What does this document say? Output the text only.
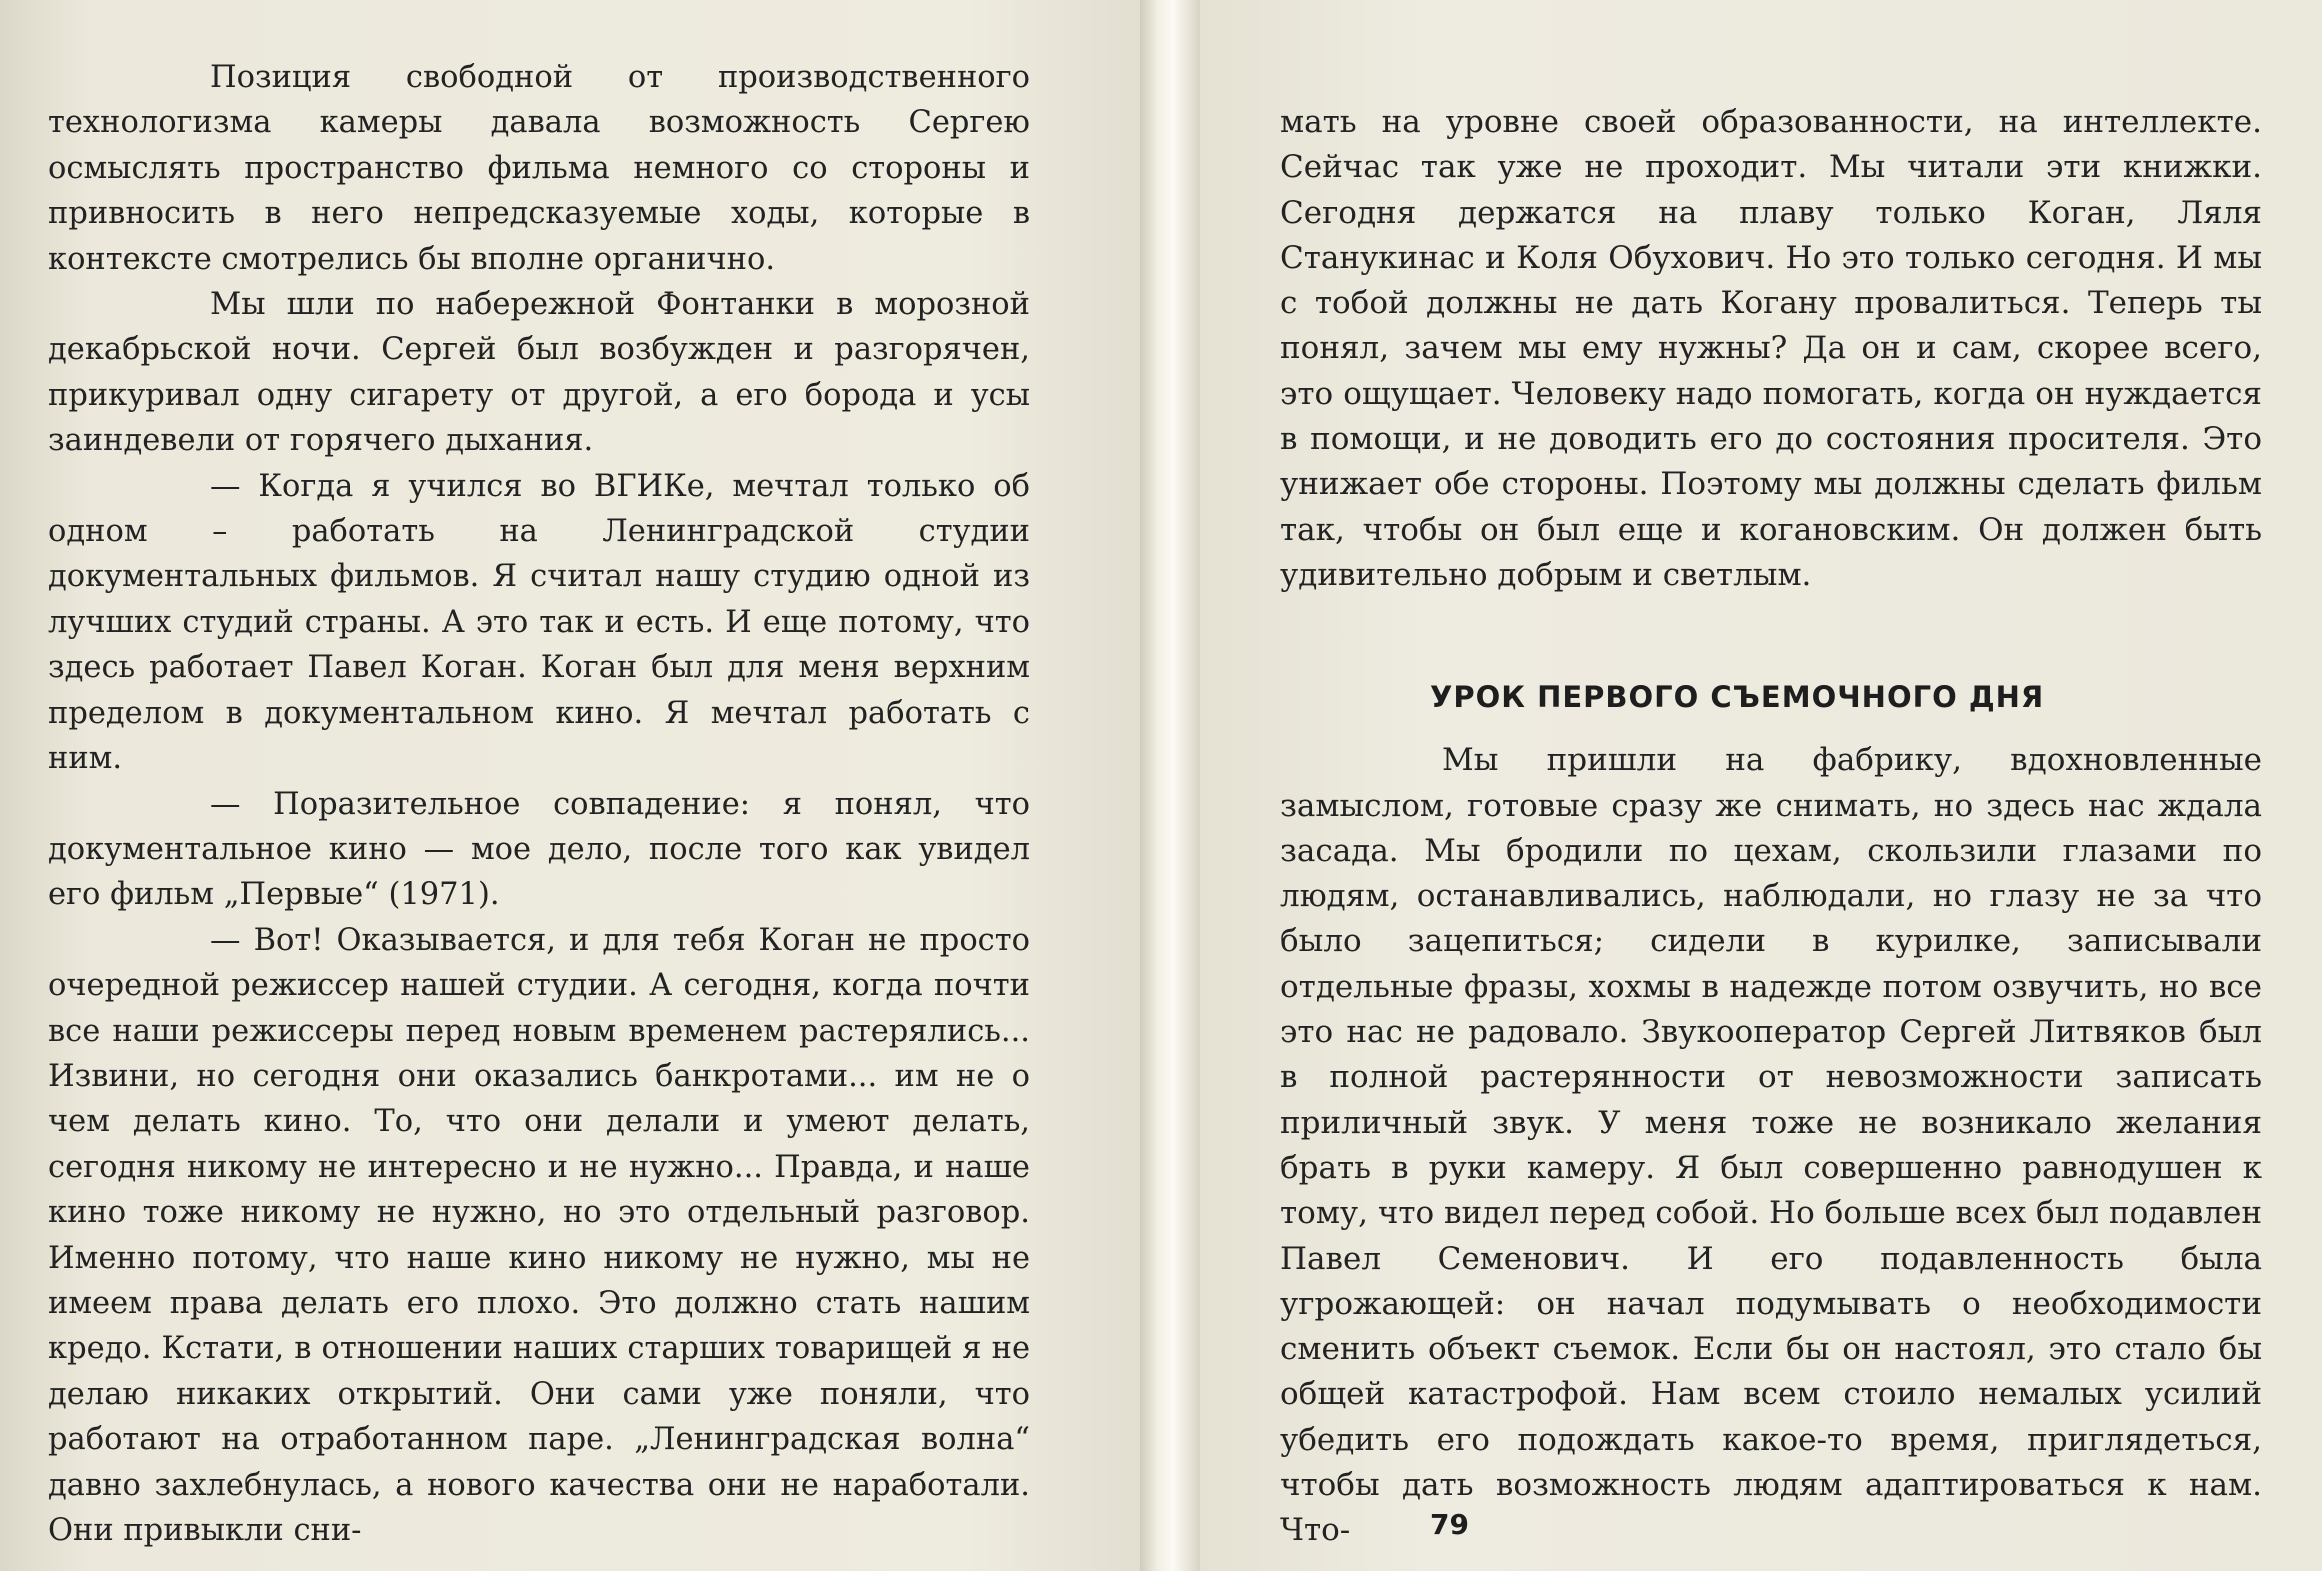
Позиция свободной от производственного технологизма камеры давала возможность Сергею осмыслять пространство фильма немного со стороны и привносить в него непредсказуемые ходы, которые в контексте смотрелись бы вполне органично.

Мы шли по набережной Фонтанки в морозной декабрьской ночи. Сергей был возбужден и разгорячен, прикуривал одну сигарету от другой, а его борода и усы заиндевели от горячего дыхания.

— Когда я учился во ВГИКе, мечтал только об одном – работать на Ленинградской студии документальных фильмов. Я считал нашу студию одной из лучших студий страны. А это так и есть. И еще потому, что здесь работает Павел Коган. Коган был для меня верхним пределом в документальном кино. Я мечтал работать с ним.

— Поразительное совпадение: я понял, что документальное кино — мое дело, после того как увидел его фильм „Первые“ (1971).

— Вот! Оказывается, и для тебя Коган не просто очередной режиссер нашей студии. А сегодня, когда почти все наши режиссеры перед новым временем растерялись... Извини, но сегодня они оказались банкротами... им не о чем делать кино. То, что они делали и умеют делать, сегодня никому не интересно и не нужно... Правда, и наше кино тоже никому не нужно, но это отдельный разговор. Именно потому, что наше кино никому не нужно, мы не имеем права делать его плохо. Это должно стать нашим кредо. Кстати, в отношении наших старших товарищей я не делаю никаких открытий. Они сами уже поняли, что работают на отработанном паре. „Ленинградская волна“ давно захлебнулась, а нового качества они не наработали. Они привыкли сни-

мать на уровне своей образованности, на интеллекте. Сейчас так уже не проходит. Мы читали эти книжки. Сегодня держатся на плаву только Коган, Ляля Станукинас и Коля Обухович. Но это только сегодня. И мы с тобой должны не дать Когану провалиться. Теперь ты понял, зачем мы ему нужны? Да он и сам, скорее всего, это ощущает. Человеку надо помогать, когда он нуждается в помощи, и не доводить его до состояния просителя. Это унижает обе стороны. Поэтому мы должны сделать фильм так, чтобы он был еще и когановским. Он должен быть удивительно добрым и светлым.

УРОК ПЕРВОГО СЪЕМОЧНОГО ДНЯ

Мы пришли на фабрику, вдохновленные замыслом, готовые сразу же снимать, но здесь нас ждала засада. Мы бродили по цехам, скользили глазами по людям, останавливались, наблюдали, но глазу не за что было зацепиться; сидели в курилке, записывали отдельные фразы, хохмы в надежде потом озвучить, но все это нас не радовало. Звукооператор Сергей Литвяков был в полной растерянности от невозможности записать приличный звук. У меня тоже не возникало желания брать в руки камеру. Я был совершенно равнодушен к тому, что видел перед собой. Но больше всех был подавлен Павел Семенович. И его подавленность была угрожающей: он начал подумывать о необходимости сменить объект съемок. Если бы он настоял, это стало бы общей катастрофой. Нам всем стоило немалых усилий убедить его подождать какое-то время, приглядеться, чтобы дать возможность людям адаптироваться к нам. Что-	79
